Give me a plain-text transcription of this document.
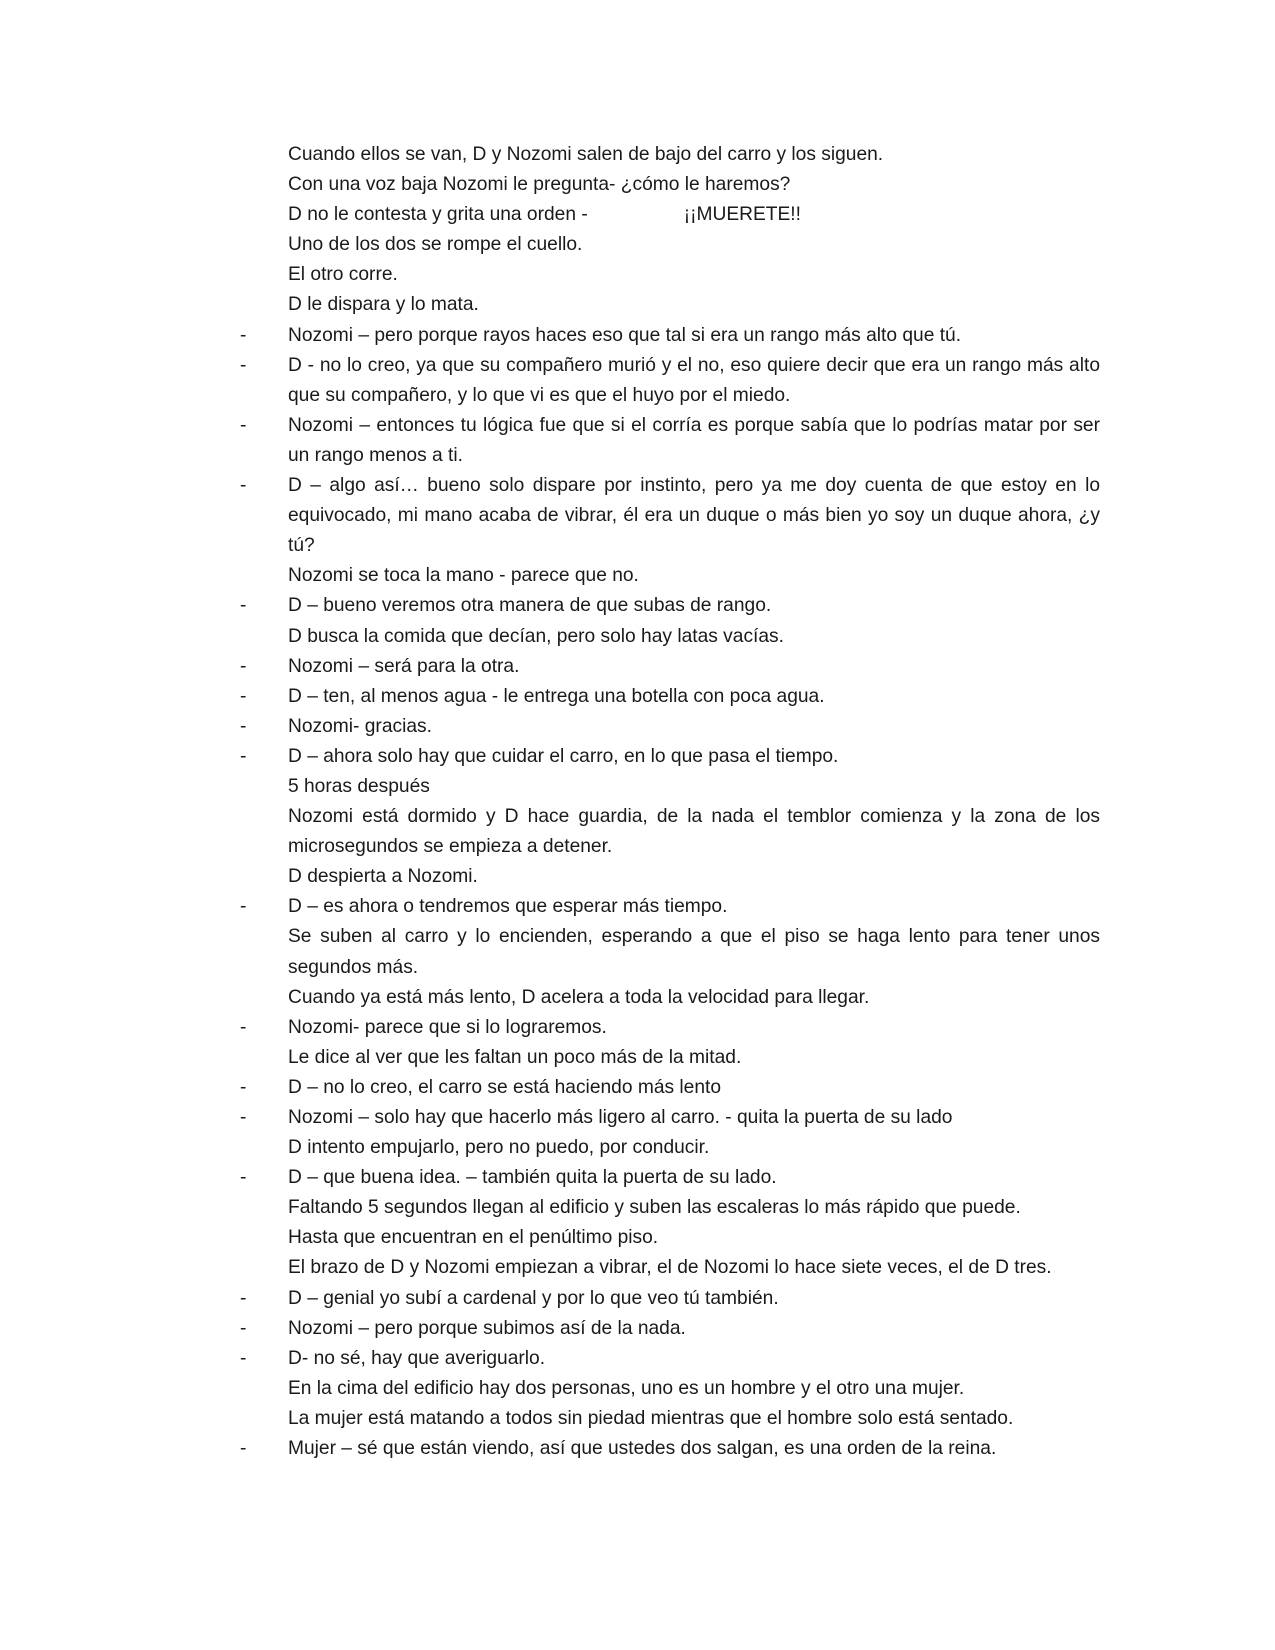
Cuando ellos se van, D y Nozomi salen de bajo del carro y los siguen.
Con una voz baja Nozomi le pregunta- ¿cómo le haremos?
D no le contesta y grita una orden -	¡¡MUERETE!!
Uno de los dos se rompe el cuello.
El otro corre.
D le dispara y lo mata.
- Nozomi – pero porque rayos haces eso que tal si era un rango más alto que tú.
- D - no lo creo, ya que su compañero murió y el no, eso quiere decir que era un rango más alto que su compañero, y lo que vi es que el huyo por el miedo.
- Nozomi – entonces tu lógica fue que si el corría es porque sabía que lo podrías matar por ser un rango menos a ti.
- D – algo así… bueno solo dispare por instinto, pero ya me doy cuenta de que estoy en lo equivocado, mi mano acaba de vibrar, él era un duque o más bien yo soy un duque ahora, ¿y tú?
Nozomi se toca la mano - parece que no.
- D – bueno veremos otra manera de que subas de rango.
D busca la comida que decían, pero solo hay latas vacías.
- Nozomi – será para la otra.
- D – ten, al menos agua - le entrega una botella con poca agua.
- Nozomi- gracias.
- D – ahora solo hay que cuidar el carro, en lo que pasa el tiempo.
5 horas después
Nozomi está dormido y D hace guardia, de la nada el temblor comienza y la zona de los microsegundos se empieza a detener.
D despierta a Nozomi.
- D – es ahora o tendremos que esperar más tiempo.
Se suben al carro y lo encienden, esperando a que el piso se haga lento para tener unos segundos más.
Cuando ya está más lento, D acelera a toda la velocidad para llegar.
- Nozomi- parece que si lo lograremos.
Le dice al ver que les faltan un poco más de la mitad.
- D – no lo creo, el carro se está haciendo más lento
- Nozomi – solo hay que hacerlo más ligero al carro. - quita la puerta de su lado
D intento empujarlo, pero no puedo, por conducir.
- D – que buena idea. – también quita la puerta de su lado.
Faltando 5 segundos llegan al edificio y suben las escaleras lo más rápido que puede.
Hasta que encuentran en el penúltimo piso.
El brazo de D y Nozomi empiezan a vibrar, el de Nozomi lo hace siete veces, el de D tres.
- D – genial yo subí a cardenal y por lo que veo tú también.
- Nozomi – pero porque subimos así de la nada.
- D- no sé, hay que averiguarlo.
En la cima del edificio hay dos personas, uno es un hombre y el otro una mujer.
La mujer está matando a todos sin piedad mientras que el hombre solo está sentado.
- Mujer – sé que están viendo, así que ustedes dos salgan, es una orden de la reina.
